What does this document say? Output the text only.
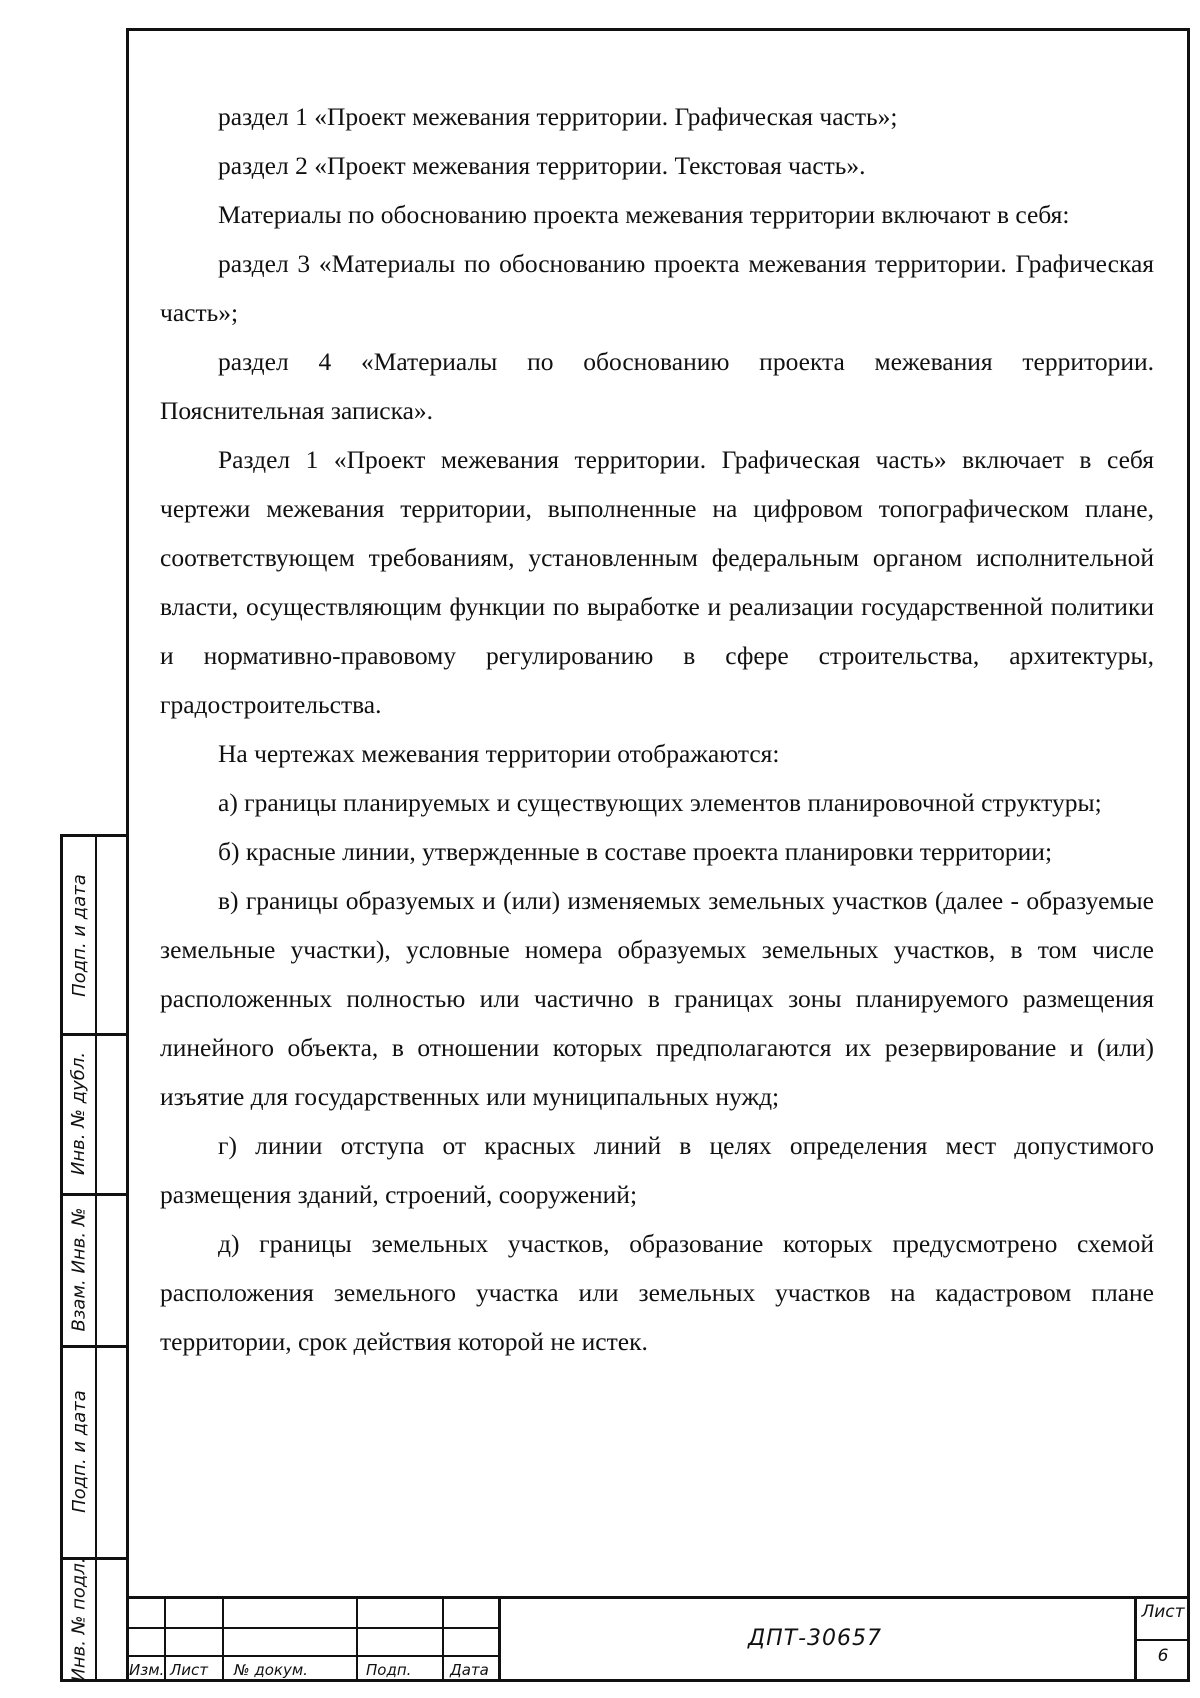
раздел 1 «Проект межевания территории. Графическая часть»;

раздел 2 «Проект межевания территории. Текстовая часть».

Материалы по обоснованию проекта межевания территории включают в себя:

раздел 3 «Материалы по обоснованию проекта межевания территории. Графическая часть»;

раздел 4 «Материалы по обоснованию проекта межевания территории. Пояснительная записка».

Раздел 1 «Проект межевания территории. Графическая часть» включает в себя чертежи межевания территории, выполненные на цифровом топографическом плане, соответствующем требованиям, установленным федеральным органом исполнительной власти, осуществляющим функции по выработке и реализации государственной политики и нормативно-правовому регулированию в сфере строительства, архитектуры, градостроительства.

На чертежах межевания территории отображаются:

а) границы планируемых и существующих элементов планировочной структуры;

б) красные линии, утвержденные в составе проекта планировки территории;

в) границы образуемых и (или) изменяемых земельных участков (далее - образуемые земельные участки), условные номера образуемых земельных участков, в том числе расположенных полностью или частично в границах зоны планируемого размещения линейного объекта, в отношении которых предполагаются их резервирование и (или) изъятие для государственных или муниципальных нужд;

г) линии отступа от красных линий в целях определения мест допустимого размещения зданий, строений, сооружений;

д) границы земельных участков, образование которых предусмотрено схемой расположения земельного участка или земельных участков на кадастровом плане территории, срок действия которой не истек.

Подп. и дата
Инв. № дубл.
Взам. Инв. №
Подп. и дата
Инв. № подл.	Изм. Лист № докум.	Подп.	Дата
ДПТ-30657
Лист
6
